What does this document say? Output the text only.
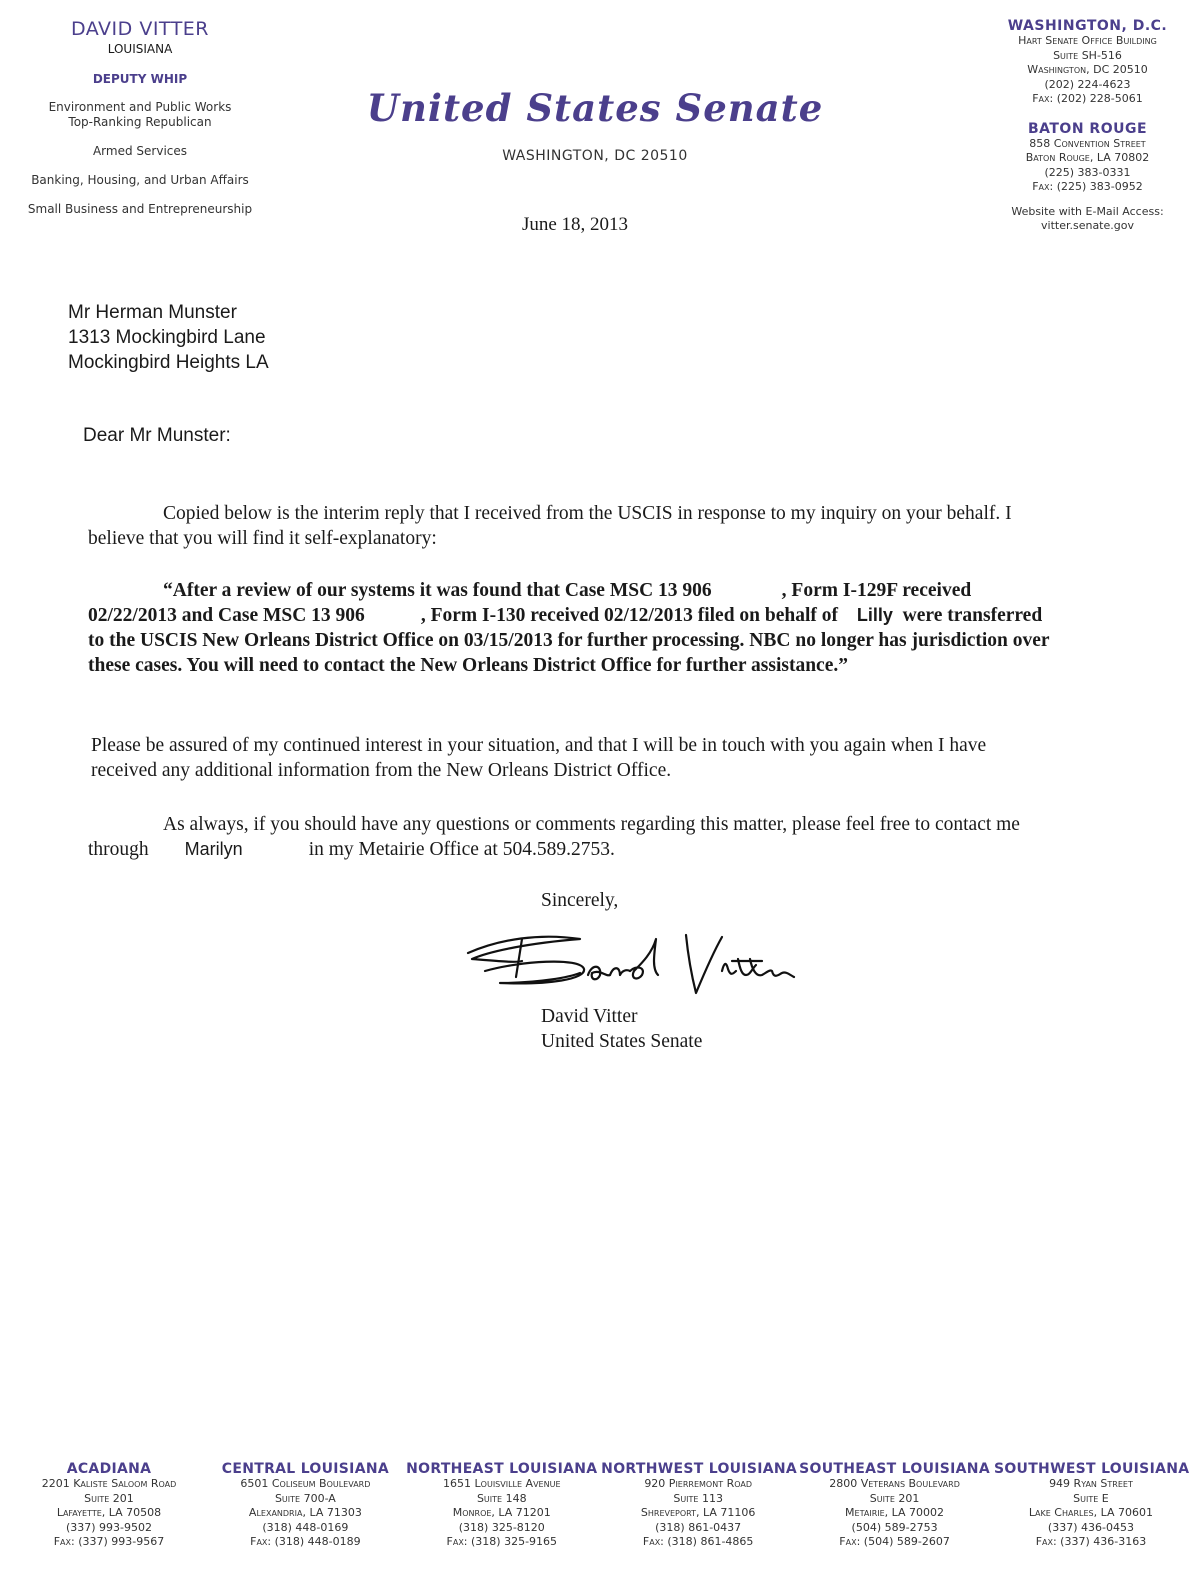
DAVID VITTER
LOUISIANA
DEPUTY WHIP
Environment and Public Works
Top-Ranking Republican
Armed Services
Banking, Housing, and Urban Affairs
Small Business and Entrepreneurship
United States Senate
WASHINGTON, DC 20510
June 18, 2013
WASHINGTON, D.C.
Hart Senate Office Building
Suite SH-516
Washington, DC 20510
(202) 224-4623
Fax: (202) 228-5061
BATON ROUGE
858 Convention Street
Baton Rouge, LA 70802
(225) 383-0331
Fax: (225) 383-0952
Website with E-Mail Access:
vitter.senate.gov
Mr Herman Munster
1313 Mockingbird Lane
Mockingbird Heights LA
Dear Mr Munster:
Copied below is the interim reply that I received from the USCIS in response to my inquiry on your behalf. I believe that you will find it self-explanatory:
“After a review of our systems it was found that Case MSC 13 906	, Form I-129F received 02/22/2013 and Case MSC 13 906	, Form I-130 received 02/12/2013 filed on behalf of Lilly were transferred to the USCIS New Orleans District Office on 03/15/2013 for further processing. NBC no longer has jurisdiction over these cases. You will need to contact the New Orleans District Office for further assistance.”
Please be assured of my continued interest in your situation, and that I will be in touch with you again when I have received any additional information from the New Orleans District Office.
As always, if you should have any questions or comments regarding this matter, please feel free to contact me through Marilyn	in my Metairie Office at 504.589.2753.
Sincerely,
David Vitter
United States Senate
ACADIANA
2201 Kaliste Saloom Road
Suite 201
Lafayette, LA 70508
(337) 993-9502
Fax: (337) 993-9567
CENTRAL LOUISIANA
6501 Coliseum Boulevard
Suite 700-A
Alexandria, LA 71303
(318) 448-0169
Fax: (318) 448-0189
NORTHEAST LOUISIANA
1651 Louisville Avenue
Suite 148
Monroe, LA 71201
(318) 325-8120
Fax: (318) 325-9165
NORTHWEST LOUISIANA
920 Pierremont Road
Suite 113
Shreveport, LA 71106
(318) 861-0437
Fax: (318) 861-4865
SOUTHEAST LOUISIANA
2800 Veterans Boulevard
Suite 201
Metairie, LA 70002
(504) 589-2753
Fax: (504) 589-2607
SOUTHWEST LOUISIANA
949 Ryan Street
Suite E
Lake Charles, LA 70601
(337) 436-0453
Fax: (337) 436-3163
